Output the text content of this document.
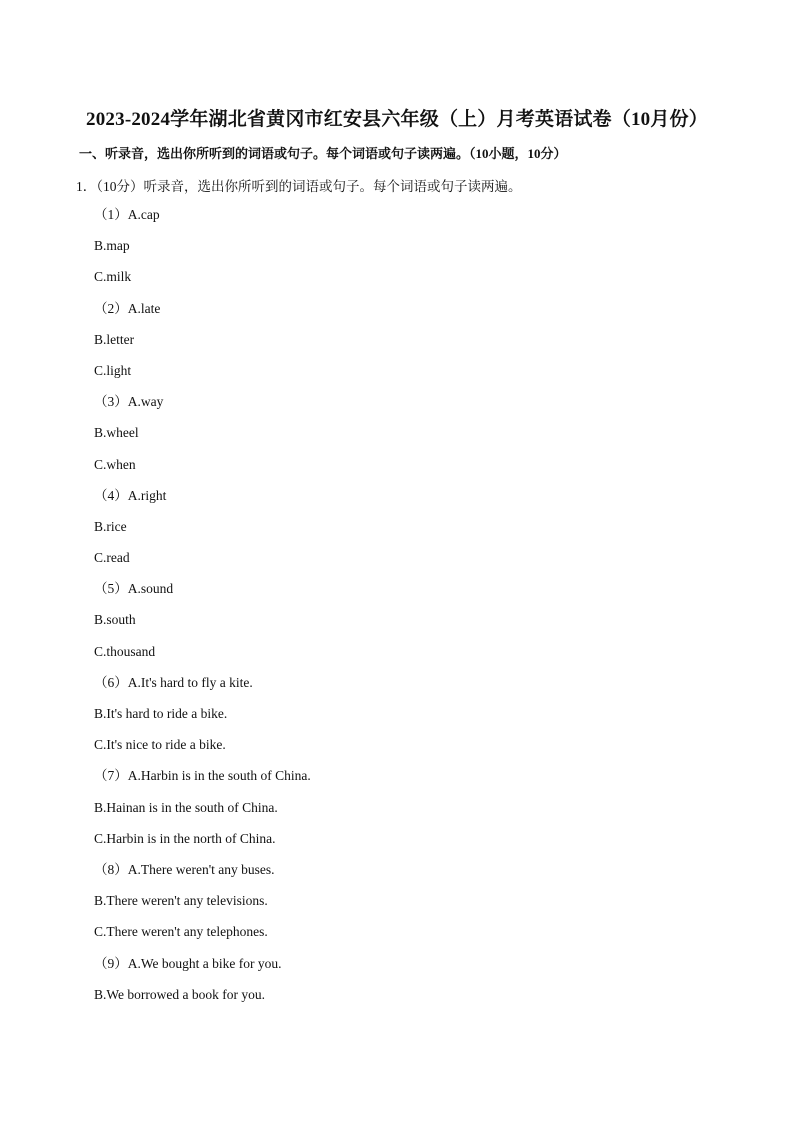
2023-2024学年湖北省黄冈市红安县六年级（上）月考英语试卷（10月份）
一、听录音，选出你所听到的词语或句子。每个词语或句子读两遍。（10小题，10分）
1．（10分）听录音，选出你所听到的词语或句子。每个词语或句子读两遍。
（1）A.cap
B.map
C.milk
（2）A.late
B.letter
C.light
（3）A.way
B.wheel
C.when
（4）A.right
B.rice
C.read
（5）A.sound
B.south
C.thousand
（6）A.It's hard to fly a kite.
B.It's hard to ride a bike.
C.It's nice to ride a bike.
（7）A.Harbin is in the south of China.
B.Hainan is in the south of China.
C.Harbin is in the north of China.
（8）A.There weren't any buses.
B.There weren't any televisions.
C.There weren't any telephones.
（9）A.We bought a bike for you.
B.We borrowed a book for you.
